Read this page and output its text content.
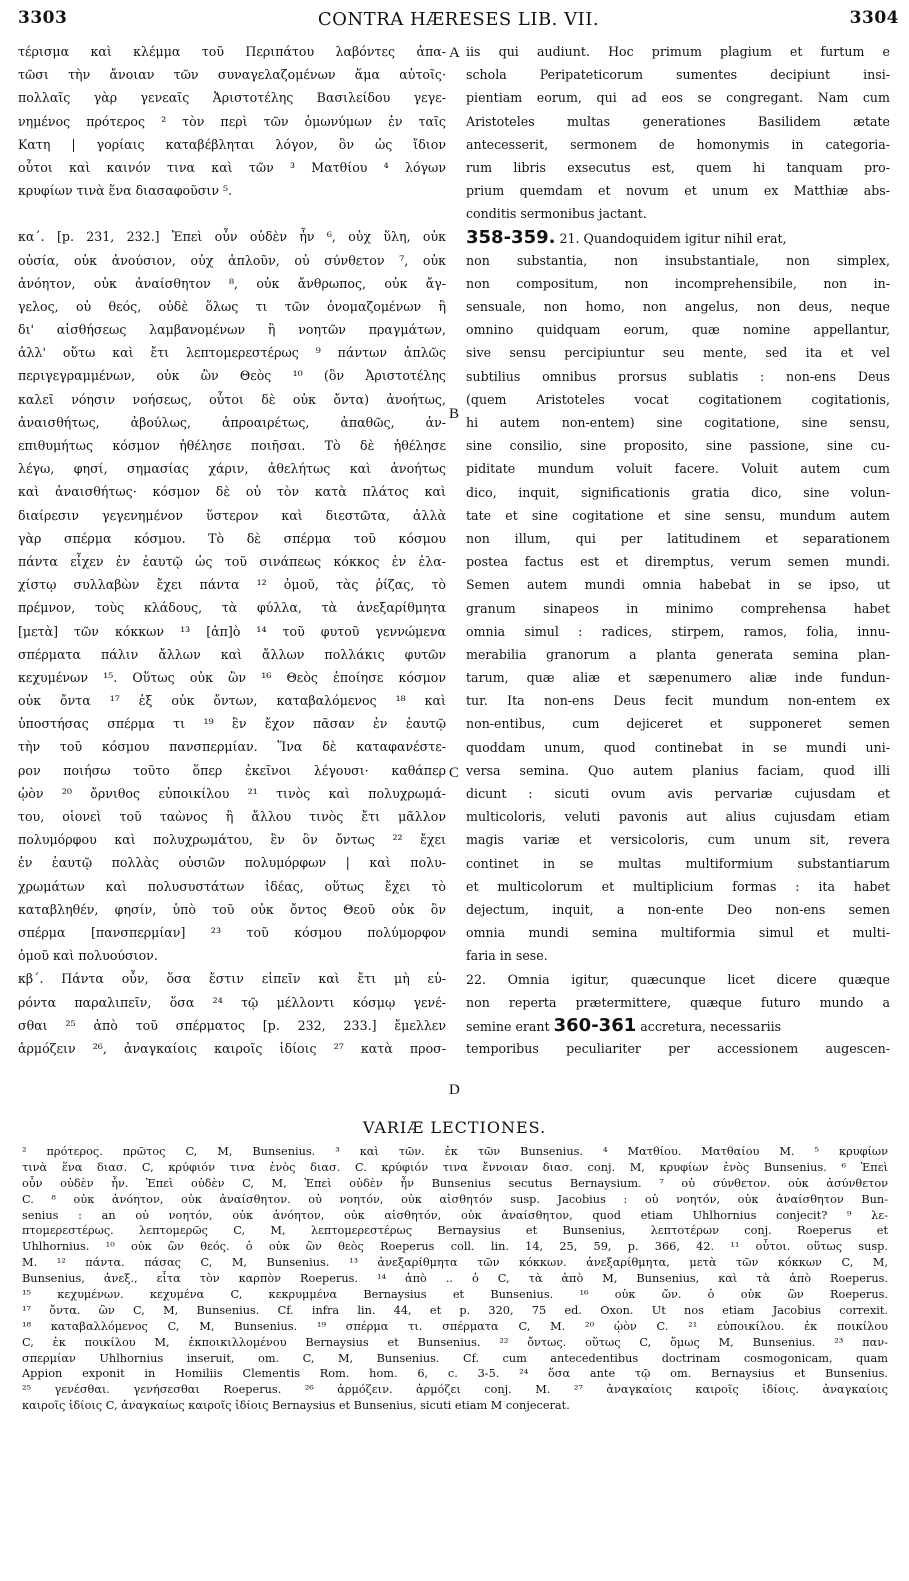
3303	CONTRA HÆRESES LIB. VII.	3304
τέρισμα καὶ κλέμμα τοῦ Περιπάτου λαβόντες ἀπα-
τῶσι τὴν ἄνοιαν τῶν συναγελαζομένων ἅμα αὐτοῖς·
πολλαῖς γὰρ γενεαῖς Ἀριστοτέλης Βασιλείδου γεγε-
νημένος πρότερος ² τὸν περὶ τῶν ὁμωνύμων ἐν ταῖς
Κατη | γορίαις καταβέβληται λόγον, ὃν ὡς ἴδιον
οὗτοι καὶ καινόν τινα καὶ τῶν ³ Ματθίου ⁴ λόγων
κρυφίων τινὰ ἕνα διασαφοῦσιν ⁵.
κα΄. [p. 231, 232.] Ἐπεὶ οὖν οὐδὲν ἦν ⁶, οὐχ ὕλη, οὐκ
οὐσία, οὐκ ἀνούσιον, οὐχ ἁπλοῦν, οὐ σύνθετον ⁷, οὐκ
ἀνόητον, οὐκ ἀναίσθητον ⁸, οὐκ ἄνθρωπος, οὐκ ἄγ-
γελος, οὐ θεός, οὐδὲ ὅλως τι τῶν ὀνομαζομένων ἢ
δι' αἰσθήσεως λαμβανομένων ἢ νοητῶν πραγμάτων,
ἀλλ' οὕτω καὶ ἔτι λεπτομερεστέρως ⁹ πάντων ἁπλῶς
περιγεγραμμένων, οὐκ ὢν Θεὸς ¹⁰ (ὃν Ἀριστοτέλης
καλεῖ νόησιν νοήσεως, οὗτοι δὲ οὐκ ὄντα) ἀνοήτως,
ἀναισθήτως, ἀβούλως, ἀπροαιρέτως, ἀπαθῶς, ἀν-
επιθυμήτως κόσμον ἠθέλησε ποιῆσαι. Τὸ δὲ ἠθέλησε
λέγω, φησί, σημασίας χάριν, ἀθελήτως καὶ ἀνοήτως
καὶ ἀναισθήτως· κόσμον δὲ οὐ τὸν κατὰ πλάτος καὶ
διαίρεσιν γεγενημένον ὕστερον καὶ διεστῶτα, ἀλλὰ
γὰρ σπέρμα κόσμου. Τὸ δὲ σπέρμα τοῦ κόσμου
πάντα εἶχεν ἐν ἑαυτῷ ὡς τοῦ σινάπεως κόκκος ἐν ἐλα-
χίστῳ συλλαβὼν ἔχει πάντα ¹² ὁμοῦ, τὰς ῥίζας, τὸ
πρέμνον, τοὺς κλάδους, τὰ φύλλα, τὰ ἀνεξαρίθμητα
[μετὰ] τῶν κόκκων ¹³ [ἀπ]ὸ ¹⁴ τοῦ φυτοῦ γεννώμενα
σπέρματα πάλιν ἄλλων καὶ ἄλλων πολλάκις φυτῶν
κεχυμένων ¹⁵. Οὕτως οὐκ ὢν ¹⁶ Θεὸς ἐποίησε κόσμον
οὐκ ὄντα ¹⁷ ἐξ οὐκ ὄντων, καταβαλόμενος ¹⁸ καὶ
ὑποστήσας σπέρμα τι ¹⁹ ἓν ἔχον πᾶσαν ἐν ἑαυτῷ
τὴν τοῦ κόσμου πανσπερμίαν. Ἵνα δὲ καταφανέστε-
ρον ποιήσω τοῦτο ὅπερ ἐκεῖνοι λέγουσι· καθάπερ
ᾠὸν ²⁰ ὄρνιθος εὐποικίλου ²¹ τινὸς καὶ πολυχρωμά-
του, οἱονεὶ τοῦ ταὼνος ἢ ἄλλου τινὸς ἔτι μᾶλλον
πολυμόρφου καὶ πολυχρωμάτου, ἓν ὂν ὄντως ²² ἔχει
ἐν ἑαυτῷ πολλὰς οὐσιῶν πολυμόρφων | καὶ πολυ-
χρωμάτων καὶ πολυσυστάτων ἰδέας, οὕτως ἔχει τὸ
καταβληθέν, φησίν, ὑπὸ τοῦ οὐκ ὄντος Θεοῦ οὐκ ὂν
σπέρμα [πανσπερμίαν] ²³ τοῦ κόσμου πολύμορφον
ὁμοῦ καὶ πολυούσιον.
κβ΄. Πάντα οὖν, ὅσα ἔστιν εἰπεῖν καὶ ἔτι μὴ εὑ-
ρόντα παραλιπεῖν, ὅσα ²⁴ τῷ μέλλοντι κόσμῳ γενέ-
σθαι ²⁵ ἀπὸ τοῦ σπέρματος [p. 232, 233.] ἔμελλεν
ἁρμόζειν ²⁶, ἀναγκαίοις καιροῖς ἰδίοις ²⁷ κατὰ προσ-
A
B
C
D
iis qui audiunt. Hoc primum plagium et furtum e
schola Peripateticorum sumentes decipiunt insi-
pientiam eorum, qui ad eos se congregant. Nam cum
Aristoteles multas generationes Basilidem ætate
antecesserit, sermonem de homonymis in categoria-
rum libris exsecutus est, quem hi tanquam pro-
prium quemdam et novum et unum ex Matthiæ abs-
conditis sermonibus jactant.
358-359. 21. Quandoquidem igitur nihil erat,
non substantia, non insubstantiale, non simplex,
non compositum, non incomprehensibile, non in-
sensuale, non homo, non angelus, non deus, neque
omnino quidquam eorum, quæ nomine appellantur,
sive sensu percipiuntur seu mente, sed ita et vel
subtilius omnibus prorsus sublatis : non-ens Deus
(quem Aristoteles vocat cogitationem cogitationis,
hi autem non-entem) sine cogitatione, sine sensu,
sine consilio, sine proposito, sine passione, sine cu-
piditate mundum voluit facere. Voluit autem cum
dico, inquit, significationis gratia dico, sine volun-
tate et sine cogitatione et sine sensu, mundum autem
non illum, qui per latitudinem et separationem
postea factus est et diremptus, verum semen mundi.
Semen autem mundi omnia habebat in se ipso, ut
granum sinapeos in minimo comprehensa habet
omnia simul : radices, stirpem, ramos, folia, innu-
merabilia granorum a planta generata semina plan-
tarum, quæ aliæ et sæpenumero aliæ inde fundun-
tur. Ita non-ens Deus fecit mundum non-entem ex
non-entibus, cum dejiceret et supponeret semen
quoddam unum, quod continebat in se mundi uni-
versa semina. Quo autem planius faciam, quod illi
dicunt : sicuti ovum avis pervariæ cujusdam et
multicoloris, veluti pavonis aut alius cujusdam etiam
magis variæ et versicoloris, cum unum sit, revera
continet in se multas multiformium substantiarum
et multicolorum et multiplicium formas : ita habet
dejectum, inquit, a non-ente Deo non-ens semen
omnia mundi semina multiformia simul et multi-
faria in sese.
22. Omnia igitur, quæcunque licet dicere quæque
non reperta prætermittere, quæque futuro mundo a
semine erant 360-361 accretura, necessariis
temporibus peculiariter per accessionem augescen-
VARIÆ LECTIONES.
² πρότερος. πρῶτος C, M, Bunsenius. ³ καὶ τῶν. ἐκ τῶν Bunsenius. ⁴ Ματθίου. Ματθαίου M. ⁵ κρυφίων
τινὰ ἕνα διασ. C, κρύφιόν τινα ἑνὸς διασ. C. κρύφιόν τινα ἔννοιαν διασ. conj. M, κρυφίων ἑνὸς Bunsenius. ⁶ Ἐπεὶ
οὖν οὐδὲν ἦν. Ἐπεὶ οὐδὲν C, M, Ἐπεὶ οὐδὲν ἦν Bunsenius secutus Bernaysium. ⁷ οὐ σύνθετον. οὐκ ἀσύνθετον
C. ⁸ οὐκ ἀνόητον, οὐκ ἀναίσθητον. οὐ νοητόν, οὐκ αἰσθητόν susp. Jacobius : οὐ νοητόν, οὐκ ἀναίσθητον Bun-
senius : an οὐ νοητόν, οὐκ ἀνόητον, οὐκ αἰσθητόν, οὐκ ἀναίσθητον, quod etiam Uhlhornius conjecit? ⁹ λε-
πτομερεστέρως. λεπτομερῶς C, M, λεπτομερεστέρως Bernaysius et Bunsenius, λεπτοτέρων conj. Roeperus et
Uhlhornius. ¹⁰ οὐκ ὢν θεός. ὁ οὐκ ὢν θεὸς Roeperus coll. lin. 14, 25, 59, p. 366, 42. ¹¹ οὗτοι. οὕτως susp.
M. ¹² πάντα. πάσας C, M, Bunsenius. ¹³ ἀνεξαρίθμητα τῶν κόκκων. ἀνεξαρίθμητα, μετὰ τῶν κόκκων C, M,
Bunsenius, ἀνεξ., εἶτα τὸν καρπὸν Roeperus. ¹⁴ ἀπὸ .. ὁ C, τὰ ἀπὸ M, Bunsenius, καὶ τὰ ἀπὸ Roeperus.
¹⁵ κεχυμένων. κεχυμένα C, κεκρυμμένα Bernaysius et Bunsenius. ¹⁶ οὐκ ὤν. ὁ οὐκ ὢν Roeperus.
¹⁷ ὄντα. ὢν C, M, Bunsenius. Cf. infra lin. 44, et p. 320, 75 ed. Oxon. Ut nos etiam Jacobius correxit.
¹⁸ καταβαλλόμενος C, M, Bunsenius. ¹⁹ σπέρμα τι. σπέρματα C, M. ²⁰ ᾠὸν C. ²¹ εὐποικίλου. ἐκ ποικίλου
C, ἐκ ποικίλου M, ἐκποικιλλομένου Bernaysius et Bunsenius. ²² ὄντως. οὕτως C, ὅμως M, Bunsenius. ²³ παν-
σπερμίαν Uhlhornius inseruit, om. C, M, Bunsenius. Cf. cum antecedentibus doctrinam cosmogonicam, quam
Appion exponit in Homiliis Clementis Rom. hom. 6, c. 3-5. ²⁴ ὅσα ante τῷ om. Bernaysius et Bunsenius.
²⁵ γενέσθαι. γενήσεσθαι Roeperus. ²⁶ ἁρμόζειν. ἁρμόζει conj. M. ²⁷ ἀναγκαίοις καιροῖς ἰδίοις. ἀναγκαίοις
καιροῖς ἰδίοις C, ἀναγκαίως καιροῖς ἰδίοις Bernaysius et Bunsenius, sicuti etiam M conjecerat.
